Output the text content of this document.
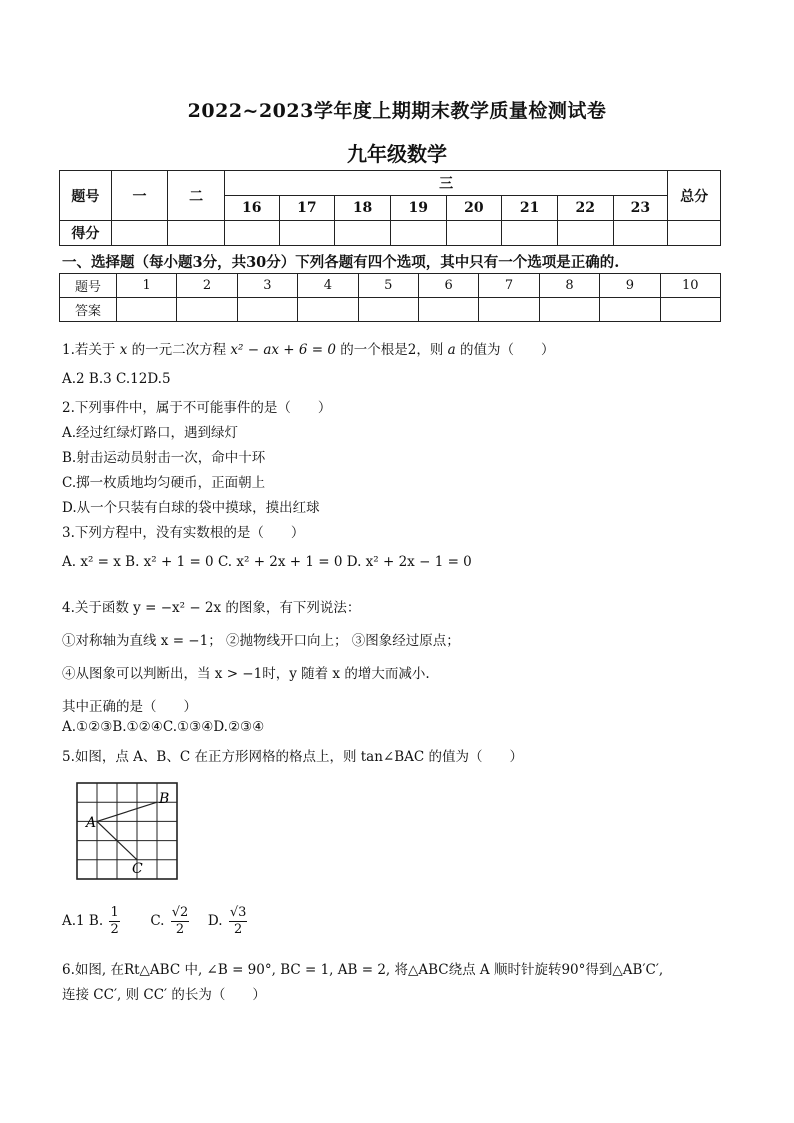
2022~2023学年度上期期末教学质量检测试卷
九年级数学
题号	一	二	三								总分
			16	17	18	19	20	21	22	23	
得分											
一、选择题（每小题3分，共30分）下列各题有四个选项，其中只有一个选项是正确的.
题号	1	2	3	4	5	6	7	8	9	10
答案										
1.若关于 x 的一元二次方程 x² − ax + 6 = 0 的一个根是2，则 a 的值为（　　）
A.2 B.3 C.12D.5
2.下列事件中，属于不可能事件的是（　　）
A.经过红绿灯路口，遇到绿灯
B.射击运动员射击一次，命中十环
C.掷一枚质地均匀硬币，正面朝上
D.从一个只装有白球的袋中摸球，摸出红球
3.下列方程中，没有实数根的是（　　）
A. x² = x B. x² + 1 = 0 C. x² + 2x + 1 = 0 D. x² + 2x − 1 = 0
4.关于函数 y = −x² − 2x 的图象，有下列说法：
①对称轴为直线 x = −1； ②抛物线开口向上； ③图象经过原点；
④从图象可以判断出，当 x > −1时，y 随着 x 的增大而减小.
其中正确的是（　　）
A.①②③B.①②④C.①③④D.②③④
5.如图，点 A、B、C 在正方形网格的格点上，则 tan∠BAC 的值为（　　）
A
B
C
A.1 B. $\frac{1}{2} C$. $\frac{√2}{2} D$. $\frac{√3}{2}$
6.如图, 在Rt△ABC 中, ∠B = 90°, BC = 1, AB = 2, 将△ABC绕点 A 顺时针旋转90°得到△AB′C′,
连接 CC′, 则 CC′ 的长为（　　）
